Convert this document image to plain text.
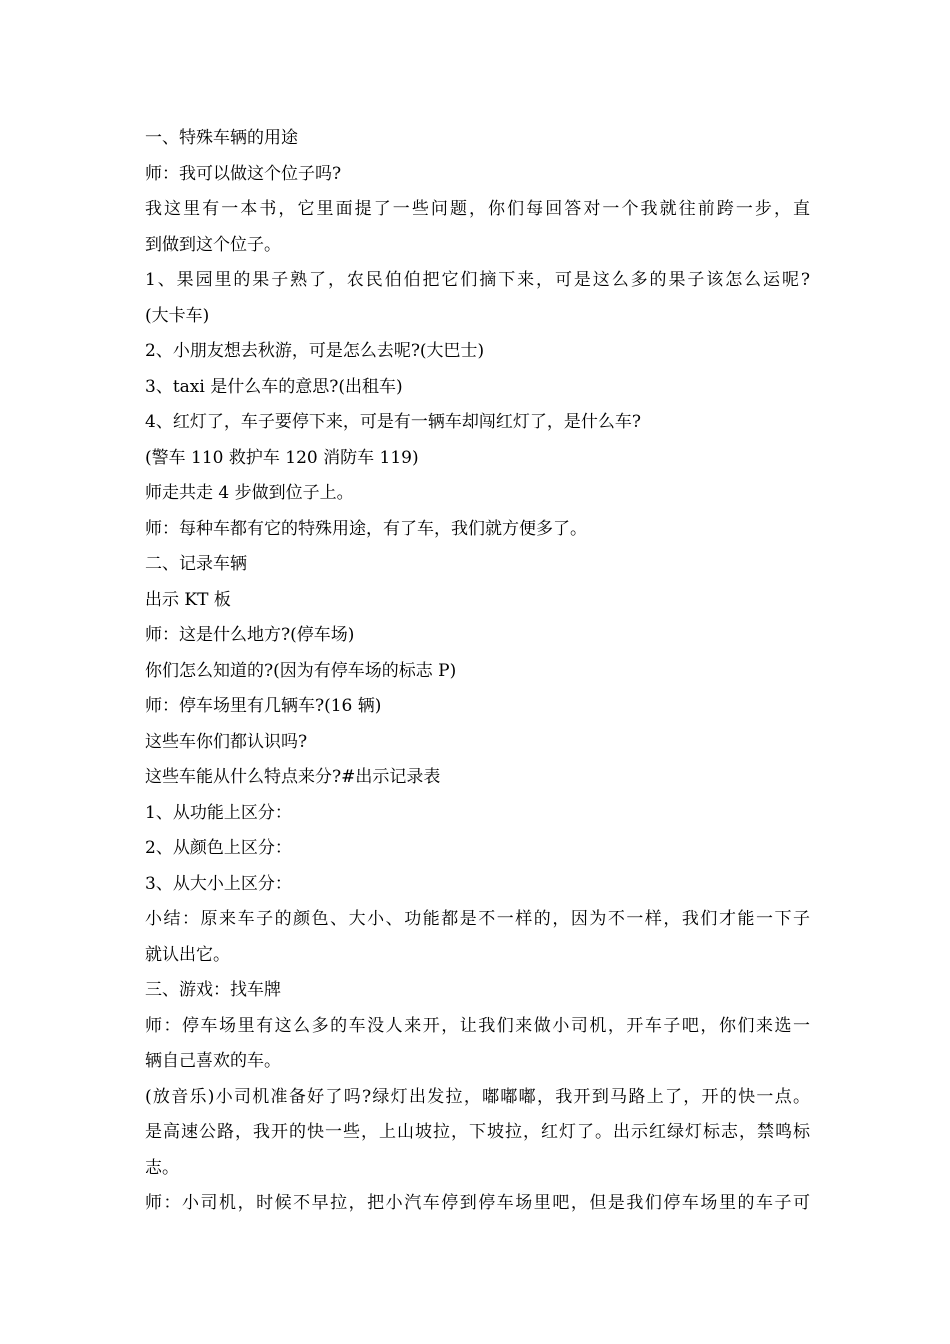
一、特殊车辆的用途
师：我可以做这个位子吗?
我这里有一本书，它里面提了一些问题，你们每回答对一个我就往前跨一步，直
到做到这个位子。
1、果园里的果子熟了，农民伯伯把它们摘下来，可是这么多的果子该怎么运呢?
(大卡车)
2、小朋友想去秋游，可是怎么去呢?(大巴士)
3、taxi 是什么车的意思?(出租车)
4、红灯了，车子要停下来，可是有一辆车却闯红灯了，是什么车?
(警车 110 救护车 120 消防车 119)
师走共走 4 步做到位子上。
师：每种车都有它的特殊用途，有了车，我们就方便多了。
二、记录车辆
出示 KT 板
师：这是什么地方?(停车场)
你们怎么知道的?(因为有停车场的标志 P)
师：停车场里有几辆车?(16 辆)
这些车你们都认识吗?
这些车能从什么特点来分?#出示记录表
1、从功能上区分：
2、从颜色上区分：
3、从大小上区分：
小结：原来车子的颜色、大小、功能都是不一样的，因为不一样，我们才能一下子
就认出它。
三、游戏：找车牌
师：停车场里有这么多的车没人来开，让我们来做小司机，开车子吧，你们来选一
辆自己喜欢的车。
(放音乐)小司机准备好了吗?绿灯出发拉，嘟嘟嘟，我开到马路上了，开的快一点。
是高速公路，我开的快一些，上山坡拉，下坡拉，红灯了。出示红绿灯标志，禁鸣标
志。
师：小司机，时候不早拉，把小汽车停到停车场里吧，但是我们停车场里的车子可
